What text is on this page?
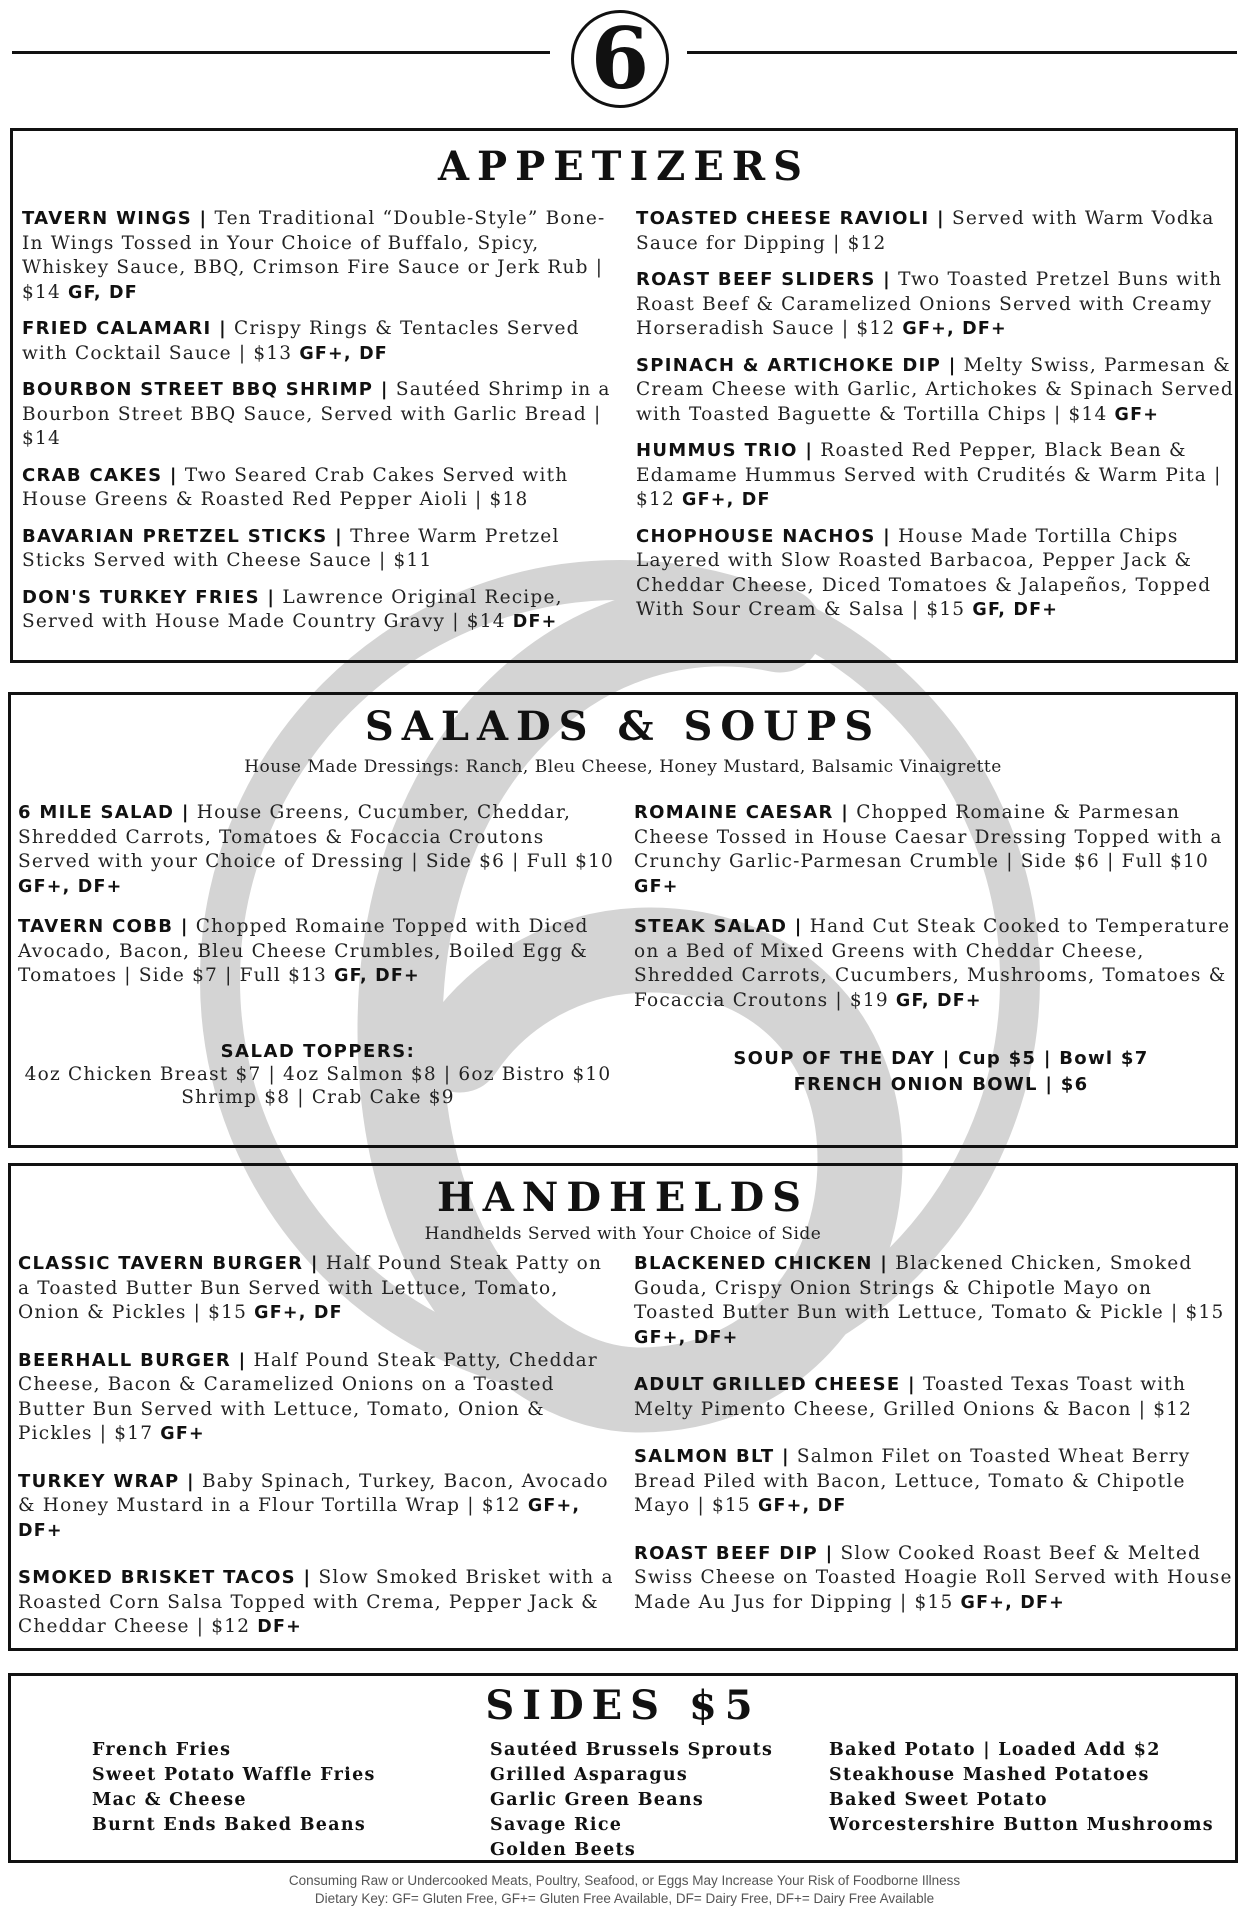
6
APPETIZERS
TAVERN WINGS | Ten Traditional “Double-Style” Bone-In Wings Tossed in Your Choice of Buffalo, Spicy, Whiskey Sauce, BBQ, Crimson Fire Sauce or Jerk Rub | $14 GF, DF
FRIED CALAMARI | Crispy Rings & Tentacles Served with Cocktail Sauce | $13 GF+, DF
BOURBON STREET BBQ SHRIMP | Sautéed Shrimp in a Bourbon Street BBQ Sauce, Served with Garlic Bread | $14
CRAB CAKES | Two Seared Crab Cakes Served with House Greens & Roasted Red Pepper Aioli | $18
BAVARIAN PRETZEL STICKS | Three Warm Pretzel Sticks Served with Cheese Sauce | $11
DON'S TURKEY FRIES | Lawrence Original Recipe, Served with House Made Country Gravy | $14 DF+
TOASTED CHEESE RAVIOLI | Served with Warm Vodka Sauce for Dipping | $12
ROAST BEEF SLIDERS | Two Toasted Pretzel Buns with Roast Beef & Caramelized Onions Served with Creamy Horseradish Sauce | $12 GF+, DF+
SPINACH & ARTICHOKE DIP | Melty Swiss, Parmesan & Cream Cheese with Garlic, Artichokes & Spinach Served with Toasted Baguette & Tortilla Chips | $14 GF+
HUMMUS TRIO | Roasted Red Pepper, Black Bean & Edamame Hummus Served with Crudités & Warm Pita | $12 GF+, DF
CHOPHOUSE NACHOS | House Made Tortilla Chips Layered with Slow Roasted Barbacoa, Pepper Jack & Cheddar Cheese, Diced Tomatoes & Jalapeños, Topped With Sour Cream & Salsa | $15 GF, DF+
SALADS & SOUPS
House Made Dressings: Ranch, Bleu Cheese, Honey Mustard, Balsamic Vinaigrette
6 MILE SALAD | House Greens, Cucumber, Cheddar, Shredded Carrots, Tomatoes & Focaccia Croutons Served with your Choice of Dressing | Side $6 | Full $10 GF+, DF+
TAVERN COBB | Chopped Romaine Topped with Diced Avocado, Bacon, Bleu Cheese Crumbles, Boiled Egg & Tomatoes | Side $7 | Full $13 GF, DF+
ROMAINE CAESAR | Chopped Romaine & Parmesan Cheese Tossed in House Caesar Dressing Topped with a Crunchy Garlic-Parmesan Crumble | Side $6 | Full $10 GF+
STEAK SALAD | Hand Cut Steak Cooked to Temperature on a Bed of Mixed Greens with Cheddar Cheese, Shredded Carrots, Cucumbers, Mushrooms, Tomatoes & Focaccia Croutons | $19 GF, DF+
SALAD TOPPERS:
4oz Chicken Breast $7 | 4oz Salmon $8 | 6oz Bistro $10
Shrimp $8 | Crab Cake $9
SOUP OF THE DAY | Cup $5 | Bowl $7
FRENCH ONION BOWL | $6
HANDHELDS
Handhelds Served with Your Choice of Side
CLASSIC TAVERN BURGER | Half Pound Steak Patty on a Toasted Butter Bun Served with Lettuce, Tomato, Onion & Pickles | $15 GF+, DF
BEERHALL BURGER | Half Pound Steak Patty, Cheddar Cheese, Bacon & Caramelized Onions on a Toasted Butter Bun Served with Lettuce, Tomato, Onion & Pickles | $17 GF+
TURKEY WRAP | Baby Spinach, Turkey, Bacon, Avocado & Honey Mustard in a Flour Tortilla Wrap | $12 GF+, DF+
SMOKED BRISKET TACOS | Slow Smoked Brisket with a Roasted Corn Salsa Topped with Crema, Pepper Jack & Cheddar Cheese | $12 DF+
BLACKENED CHICKEN | Blackened Chicken, Smoked Gouda, Crispy Onion Strings & Chipotle Mayo on Toasted Butter Bun with Lettuce, Tomato & Pickle | $15 GF+, DF+
ADULT GRILLED CHEESE | Toasted Texas Toast with Melty Pimento Cheese, Grilled Onions & Bacon | $12
SALMON BLT | Salmon Filet on Toasted Wheat Berry Bread Piled with Bacon, Lettuce, Tomato & Chipotle Mayo | $15 GF+, DF
ROAST BEEF DIP | Slow Cooked Roast Beef & Melted Swiss Cheese on Toasted Hoagie Roll Served with House Made Au Jus for Dipping | $15 GF+, DF+
SIDES $5
French Fries
Sweet Potato Waffle Fries
Mac & Cheese
Burnt Ends Baked Beans
Sautéed Brussels Sprouts
Grilled Asparagus
Garlic Green Beans
Savage Rice
Golden Beets
Baked Potato | Loaded Add $2
Steakhouse Mashed Potatoes
Baked Sweet Potato
Worcestershire Button Mushrooms
Consuming Raw or Undercooked Meats, Poultry, Seafood, or Eggs May Increase Your Risk of Foodborne Illness
Dietary Key: GF= Gluten Free, GF+= Gluten Free Available, DF= Dairy Free, DF+= Dairy Free Available
